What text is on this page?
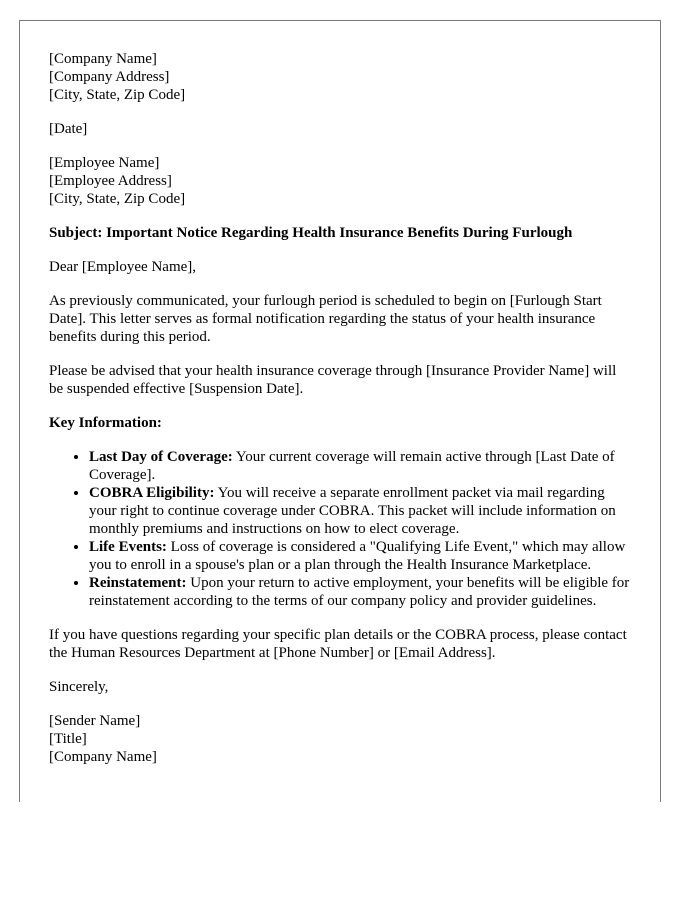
[Company Name]
[Company Address]
[City, State, Zip Code]
[Date]
[Employee Name]
[Employee Address]
[City, State, Zip Code]
Subject: Important Notice Regarding Health Insurance Benefits During Furlough
Dear [Employee Name],
As previously communicated, your furlough period is scheduled to begin on [Furlough Start Date]. This letter serves as formal notification regarding the status of your health insurance benefits during this period.
Please be advised that your health insurance coverage through [Insurance Provider Name] will be suspended effective [Suspension Date].
Key Information:
• Last Day of Coverage: Your current coverage will remain active through [Last Date of Coverage].
• COBRA Eligibility: You will receive a separate enrollment packet via mail regarding your right to continue coverage under COBRA. This packet will include information on monthly premiums and instructions on how to elect coverage.
• Life Events: Loss of coverage is considered a "Qualifying Life Event," which may allow you to enroll in a spouse's plan or a plan through the Health Insurance Marketplace.
• Reinstatement: Upon your return to active employment, your benefits will be eligible for reinstatement according to the terms of our company policy and provider guidelines.
If you have questions regarding your specific plan details or the COBRA process, please contact the Human Resources Department at [Phone Number] or [Email Address].
Sincerely,
[Sender Name]
[Title]
[Company Name]
